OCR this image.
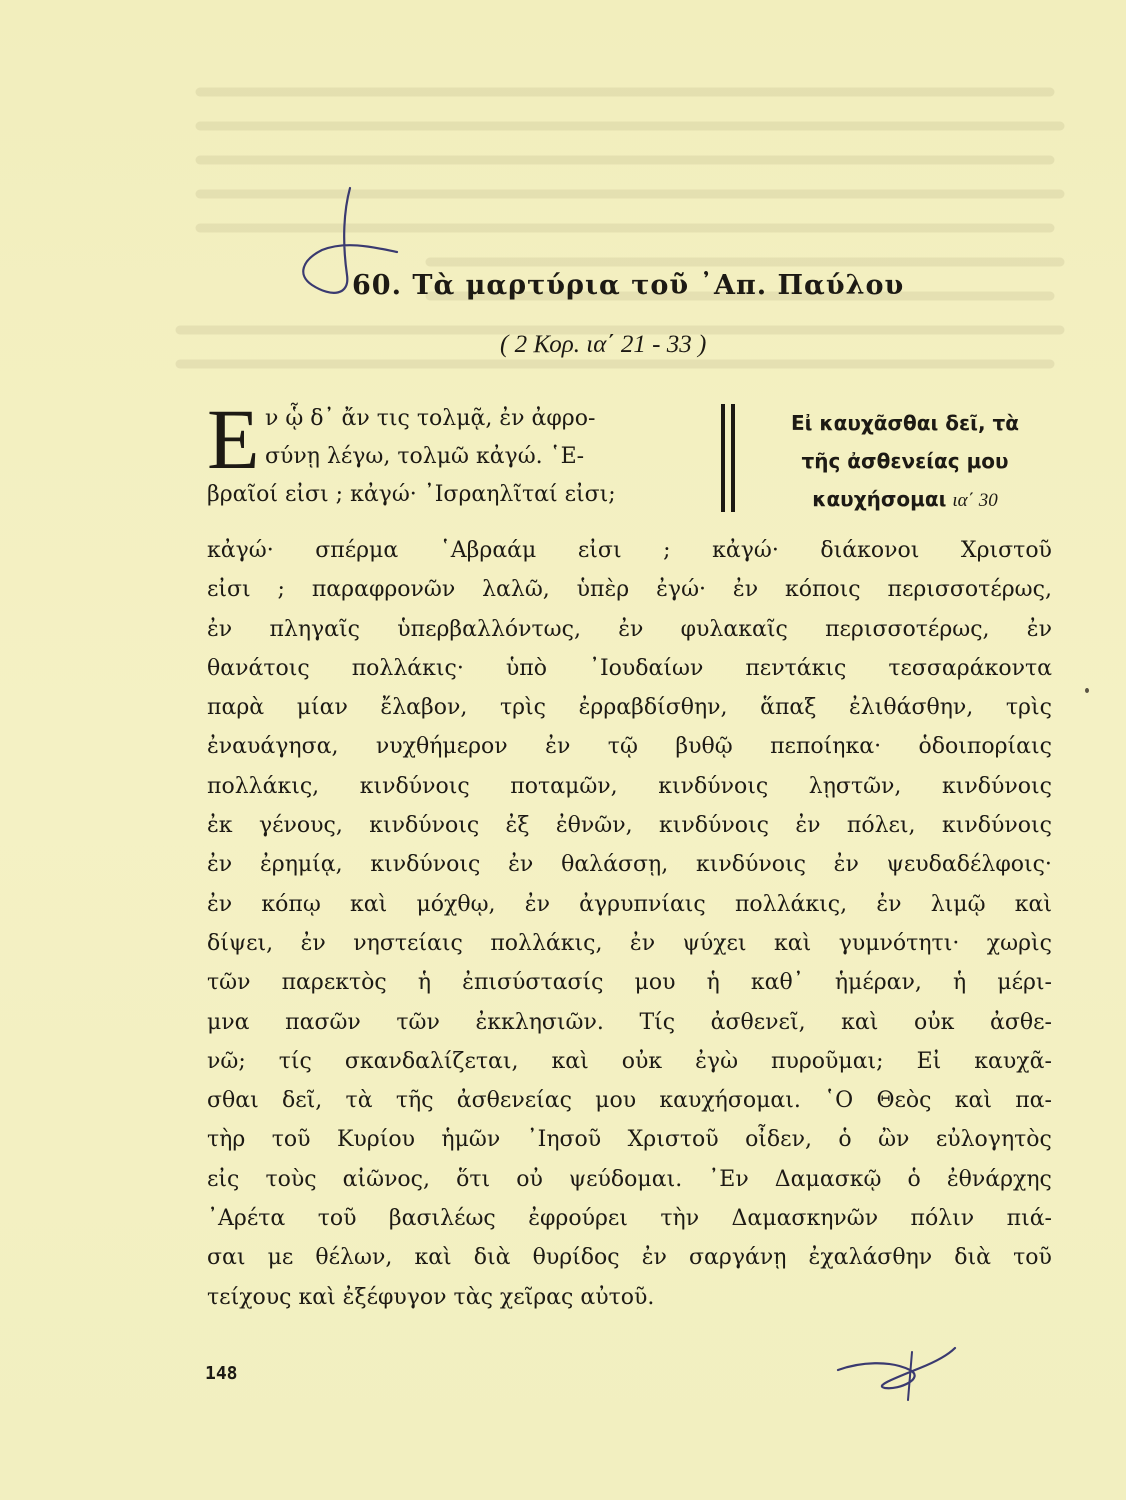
60. Τὰ μαρτύρια τοῦ ᾿Απ. Παύλου
( 2 Κορ. ια΄ 21 - 33 )
Ε ν ᾧ δ᾿ ἄν τις τολμᾷ, ἐν ἀφρο-
σύνῃ λέγω, τολμῶ κἀγώ. ῾Ε-
βραῖοί εἰσι ; κἀγώ· ᾿Ισραηλῖταί εἰσι;
Εἰ καυχᾶσθαι δεῖ, τὰ
τῆς ἀσθενείας μου
καυχήσομαι ια΄ 30
κἀγώ· σπέρμα ῾Αβραάμ εἰσι ; κἀγώ· διάκονοι Χριστοῦ
εἰσι ; παραφρονῶν λαλῶ, ὑπὲρ ἐγώ· ἐν κόποις περισσοτέρως,
ἐν πληγαῖς ὑπερβαλλόντως, ἐν φυλακαῖς περισσοτέρως, ἐν
θανάτοις πολλάκις· ὑπὸ ᾿Ιουδαίων πεντάκις τεσσαράκοντα
παρὰ μίαν ἔλαβον, τρὶς ἐρραβδίσθην, ἅπαξ ἐλιθάσθην, τρὶς
ἐναυάγησα, νυχθήμερον ἐν τῷ βυθῷ πεποίηκα· ὁδοιπορίαις
πολλάκις, κινδύνοις ποταμῶν, κινδύνοις λῃστῶν, κινδύνοις
ἐκ γένους, κινδύνοις ἐξ ἐθνῶν, κινδύνοις ἐν πόλει, κινδύνοις
ἐν ἐρημίᾳ, κινδύνοις ἐν θαλάσσῃ, κινδύνοις ἐν ψευδαδέλφοις·
ἐν κόπῳ καὶ μόχθῳ, ἐν ἀγρυπνίαις πολλάκις, ἐν λιμῷ καὶ
δίψει, ἐν νηστείαις πολλάκις, ἐν ψύχει καὶ γυμνότητι· χωρὶς
τῶν παρεκτὸς ἡ ἐπισύστασίς μου ἡ καθ᾿ ἡμέραν, ἡ μέρι-
μνα πασῶν τῶν ἐκκλησιῶν. Τίς ἀσθενεῖ, καὶ οὐκ ἀσθε-
νῶ; τίς σκανδαλίζεται, καὶ οὐκ ἐγὼ πυροῦμαι; Εἰ καυχᾶ-
σθαι δεῖ, τὰ τῆς ἀσθενείας μου καυχήσομαι. ῾Ο Θεὸς καὶ πα-
τὴρ τοῦ Κυρίου ἡμῶν ᾿Ιησοῦ Χριστοῦ οἶδεν, ὁ ὢν εὐλογητὸς
εἰς τοὺς αἰῶνος, ὅτι οὐ ψεύδομαι. ᾿Εν Δαμασκῷ ὁ ἐθνάρχης
᾿Αρέτα τοῦ βασιλέως ἐφρούρει τὴν Δαμασκηνῶν πόλιν πιά-
σαι με θέλων, καὶ διὰ θυρίδος ἐν σαργάνῃ ἐχαλάσθην διὰ τοῦ
τείχους καὶ ἐξέφυγον τὰς χεῖρας αὐτοῦ.
148
